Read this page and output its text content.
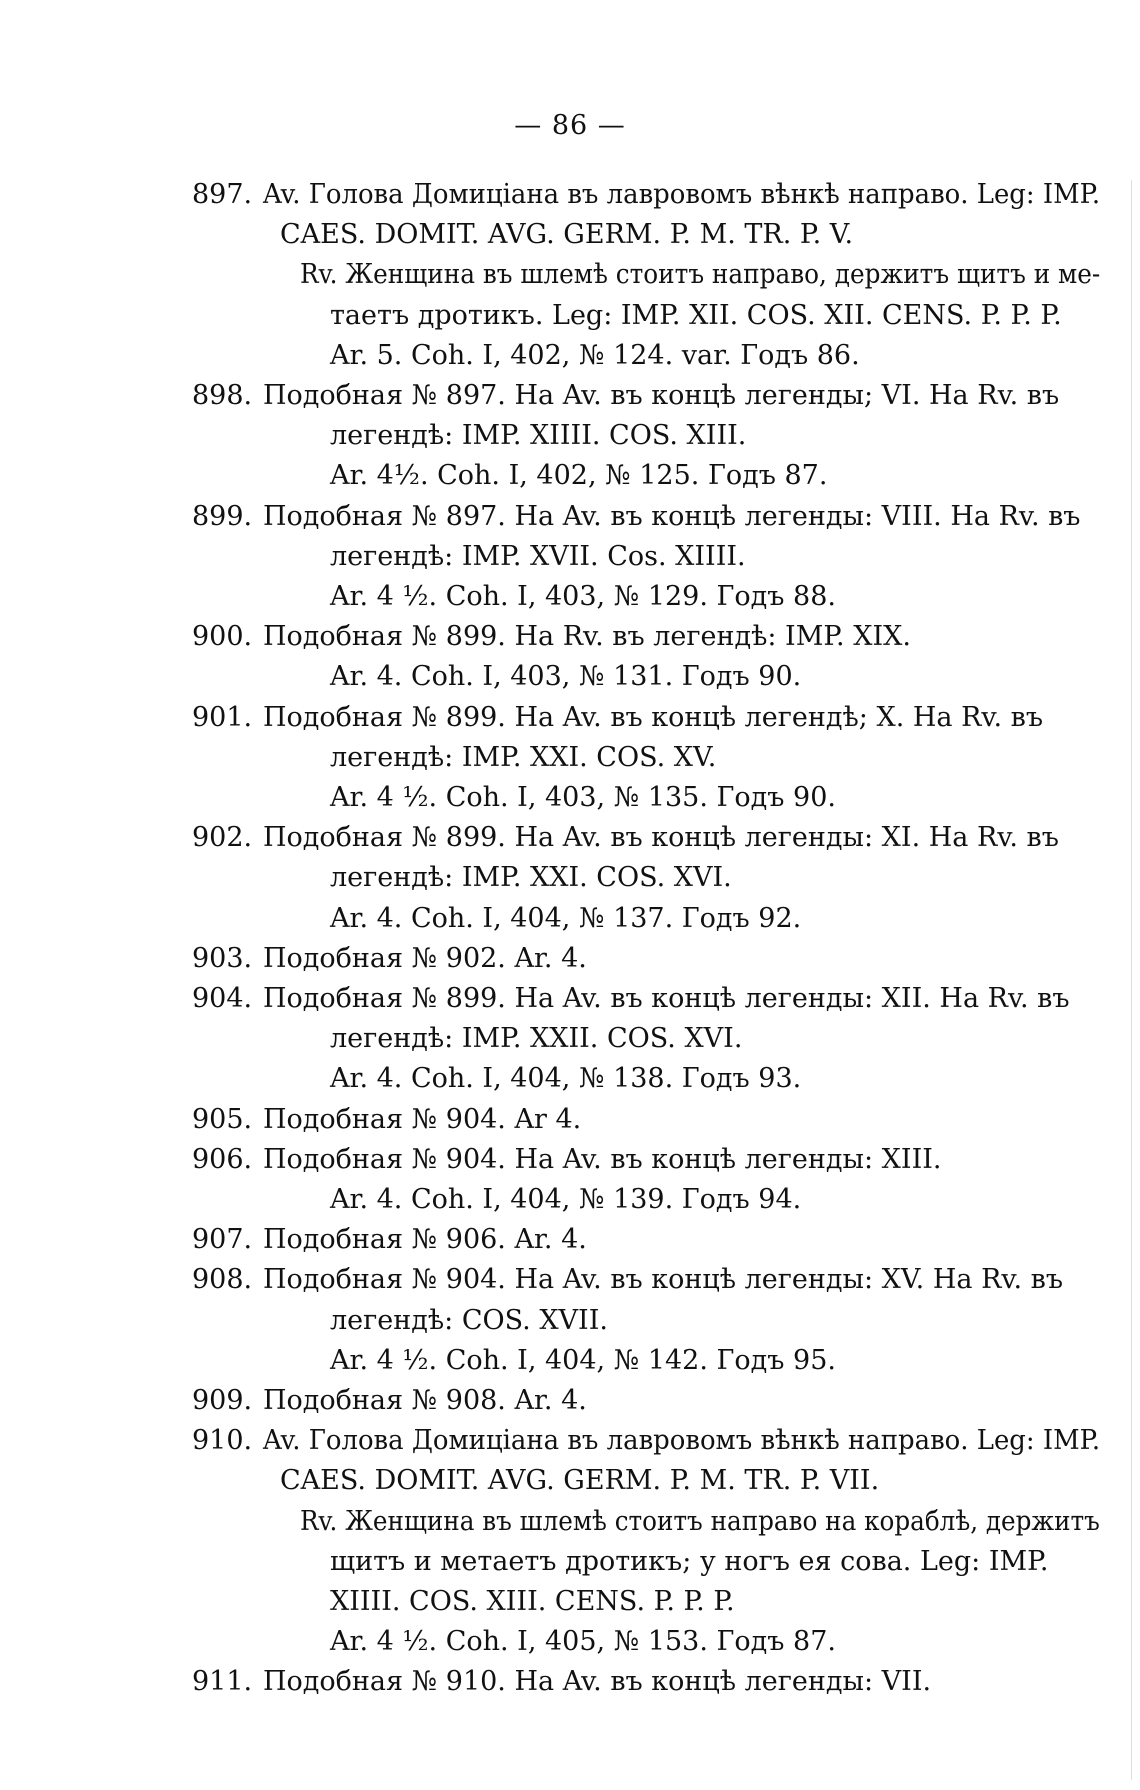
— 86 —
897. Av. Голова Домиціана въ лавровомъ вѣнкѣ направо. Leg: IMP.
CAES. DOMIT. AVG. GERM. P. M. TR. P. V.
Rv. Женщина въ шлемѣ стоитъ направо, держитъ щитъ и ме-
таетъ дротикъ. Leg: IMP. XII. COS. XII. CENS. P. P. P.
Ar. 5. Coh. I, 402, № 124. var. Годъ 86.
898. Подобная № 897. На Av. въ концѣ легенды; VI. На Rv. въ
легендѣ: IMP. XIIII. COS. XIII.
Ar. 4½. Coh. I, 402, № 125. Годъ 87.
899. Подобная № 897. На Av. въ концѣ легенды: VIII. На Rv. въ
легендѣ: IMP. XVII. Cos. XIIII.
Ar. 4 ½. Coh. I, 403, № 129. Годъ 88.
900. Подобная № 899. На Rv. въ легендѣ: IMP. XIX.
Ar. 4. Coh. I, 403, № 131. Годъ 90.
901. Подобная № 899. На Av. въ концѣ легендѣ; X. На Rv. въ
легендѣ: IMP. XXI. COS. XV.
Ar. 4 ½. Coh. I, 403, № 135. Годъ 90.
902. Подобная № 899. На Av. въ концѣ легенды: XI. На Rv. въ
легендѣ: IMP. XXI. COS. XVI.
Ar. 4. Coh. I, 404, № 137. Годъ 92.
903. Подобная № 902. Ar. 4.
904. Подобная № 899. На Av. въ концѣ легенды: XII. На Rv. въ
легендѣ: IMP. XXII. COS. XVI.
Ar. 4. Coh. I, 404, № 138. Годъ 93.
905. Подобная № 904. Ar 4.
906. Подобная № 904. На Av. въ концѣ легенды: XIII.
Ar. 4. Coh. I, 404, № 139. Годъ 94.
907. Подобная № 906. Ar. 4.
908. Подобная № 904. На Av. въ концѣ легенды: XV. На Rv. въ
легендѣ: COS. XVII.
Ar. 4 ½. Coh. I, 404, № 142. Годъ 95.
909. Подобная № 908. Ar. 4.
910. Av. Голова Домиціана въ лавровомъ вѣнкѣ направо. Leg: IMP.
CAES. DOMIT. AVG. GERM. P. M. TR. P. VII.
Rv. Женщина въ шлемѣ стоитъ направо на кораблѣ, держитъ
щитъ и метаетъ дротикъ; у ногъ ея сова. Leg: IMP.
XIIII. COS. XIII. CENS. P. P. P.
Ar. 4 ½. Coh. I, 405, № 153. Годъ 87.
911. Подобная № 910. На Av. въ концѣ легенды: VII.
